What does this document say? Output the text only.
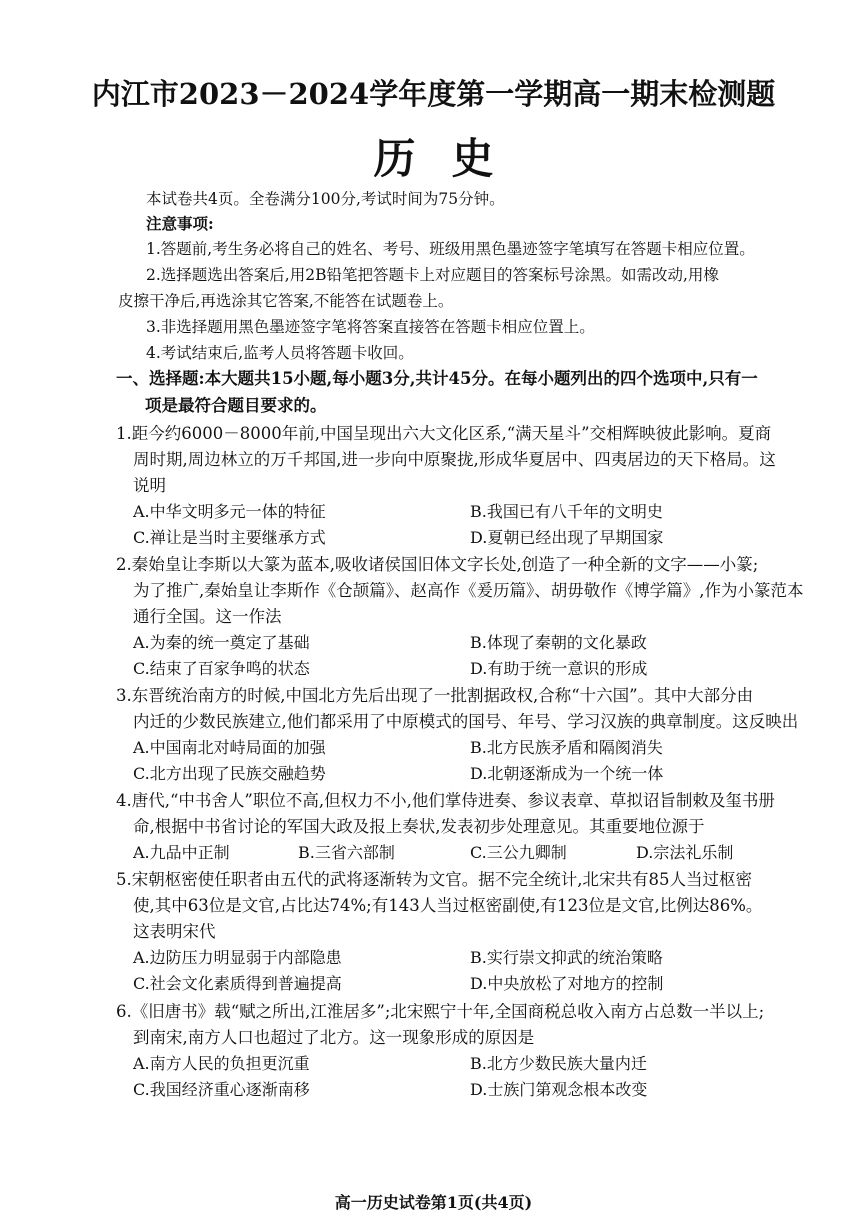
内江市2023－2024学年度第一学期高一期末检测题
历史
本试卷共4页。全卷满分100分,考试时间为75分钟。
注意事项:
1.答题前,考生务必将自己的姓名、考号、班级用黑色墨迹签字笔填写在答题卡相应位置。
2.选择题选出答案后,用2B铅笔把答题卡上对应题目的答案标号涂黑。如需改动,用橡
皮擦干净后,再选涂其它答案,不能答在试题卷上。
3.非选择题用黑色墨迹签字笔将答案直接答在答题卡相应位置上。
4.考试结束后,监考人员将答题卡收回。
一、选择题:本大题共15小题,每小题3分,共计45分。在每小题列出的四个选项中,只有一
项是最符合题目要求的。
1.距今约6000－8000年前,中国呈现出六大文化区系,“满天星斗”交相辉映彼此影响。夏商
周时期,周边林立的万千邦国,进一步向中原聚拢,形成华夏居中、四夷居边的天下格局。这
说明
A.中华文明多元一体的特征	B.我国已有八千年的文明史
C.禅让是当时主要继承方式	D.夏朝已经出现了早期国家
2.秦始皇让李斯以大篆为蓝本,吸收诸侯国旧体文字长处,创造了一种全新的文字——小篆;
为了推广,秦始皇让李斯作《仓颉篇》、赵高作《爰历篇》、胡毋敬作《博学篇》,作为小篆范本
通行全国。这一作法
A.为秦的统一奠定了基础	B.体现了秦朝的文化暴政
C.结束了百家争鸣的状态	D.有助于统一意识的形成
3.东晋统治南方的时候,中国北方先后出现了一批割据政权,合称“十六国”。其中大部分由
内迁的少数民族建立,他们都采用了中原模式的国号、年号、学习汉族的典章制度。这反映出
A.中国南北对峙局面的加强	B.北方民族矛盾和隔阂消失
C.北方出现了民族交融趋势	D.北朝逐渐成为一个统一体
4.唐代,“中书舍人”职位不高,但权力不小,他们掌侍进奏、参议表章、草拟诏旨制敕及玺书册
命,根据中书省讨论的军国大政及报上奏状,发表初步处理意见。其重要地位源于
A.九品中正制	B.三省六部制	C.三公九卿制	D.宗法礼乐制
5.宋朝枢密使任职者由五代的武将逐渐转为文官。据不完全统计,北宋共有85人当过枢密
使,其中63位是文官,占比达74%;有143人当过枢密副使,有123位是文官,比例达86%。
这表明宋代
A.边防压力明显弱于内部隐患	B.实行崇文抑武的统治策略
C.社会文化素质得到普遍提高	D.中央放松了对地方的控制
6.《旧唐书》载“赋之所出,江淮居多”;北宋熙宁十年,全国商税总收入南方占总数一半以上;
到南宋,南方人口也超过了北方。这一现象形成的原因是
A.南方人民的负担更沉重	B.北方少数民族大量内迁
C.我国经济重心逐渐南移	D.士族门第观念根本改变
高一历史试卷第1页(共4页)
